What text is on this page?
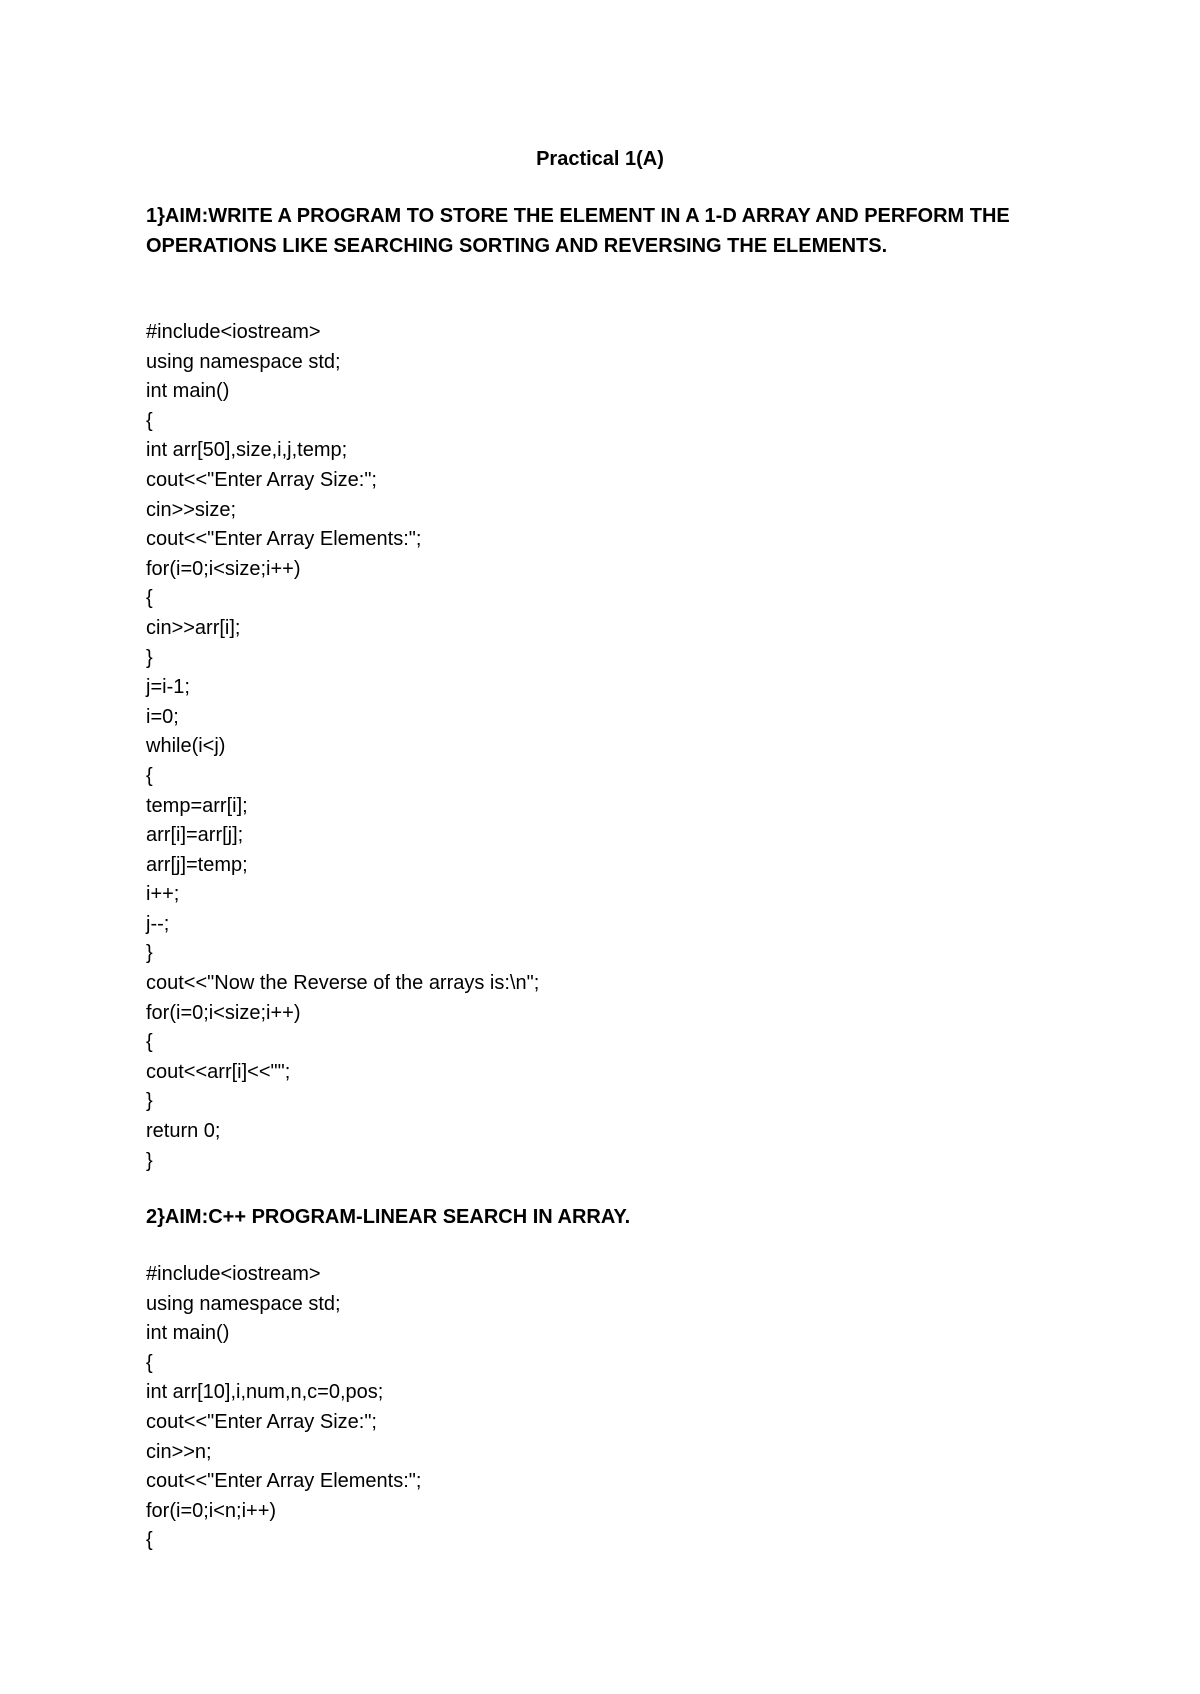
Practical 1(A)

1}AIM:WRITE A PROGRAM TO STORE THE ELEMENT IN A 1-D ARRAY AND PERFORM THE OPERATIONS LIKE SEARCHING SORTING AND REVERSING THE ELEMENTS.

#include<iostream>
using namespace std;
int main()
{
int arr[50],size,i,j,temp;
cout<<"Enter Array Size:";
cin>>size;
cout<<"Enter Array Elements:";
for(i=0;i<size;i++)
{
cin>>arr[i];
}
j=i-1;
i=0;
while(i<j)
{
temp=arr[i];
arr[i]=arr[j];
arr[j]=temp;
i++;
j--;
}
cout<<"Now the Reverse of the arrays is:\n";
for(i=0;i<size;i++)
{
cout<<arr[i]<<"";
}
return 0;
}

2}AIM:C++ PROGRAM-LINEAR SEARCH IN ARRAY.

#include<iostream>
using namespace std;
int main()
{
int arr[10],i,num,n,c=0,pos;
cout<<"Enter Array Size:";
cin>>n;
cout<<"Enter Array Elements:";
for(i=0;i<n;i++)
{
